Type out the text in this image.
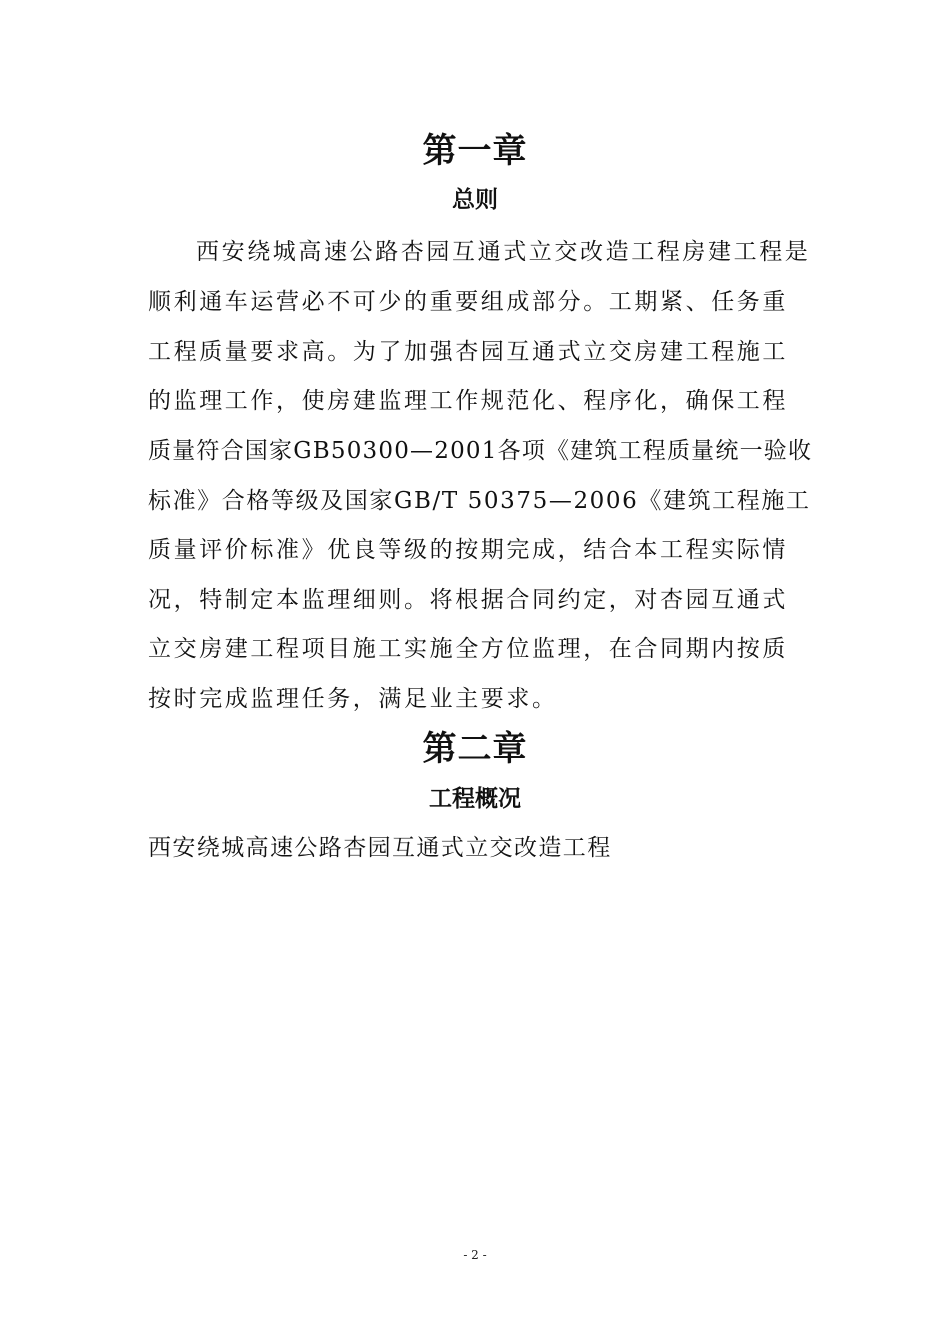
第一章
总则
西安绕城高速公路杏园互通式立交改造工程房建工程是
顺利通车运营必不可少的重要组成部分。工期紧、任务重
工程质量要求高。为了加强杏园互通式立交房建工程施工
的监理工作，使房建监理工作规范化、程序化，确保工程
质量符合国家GB50300—2001各项《建筑工程质量统一验收
标准》合格等级及国家GB/T 50375—2006《建筑工程施工
质量评价标准》优良等级的按期完成，结合本工程实际情
况，特制定本监理细则。将根据合同约定，对杏园互通式
立交房建工程项目施工实施全方位监理，在合同期内按质
按时完成监理任务，满足业主要求。
第二章
工程概况
西安绕城高速公路杏园互通式立交改造工程
- 2 -
